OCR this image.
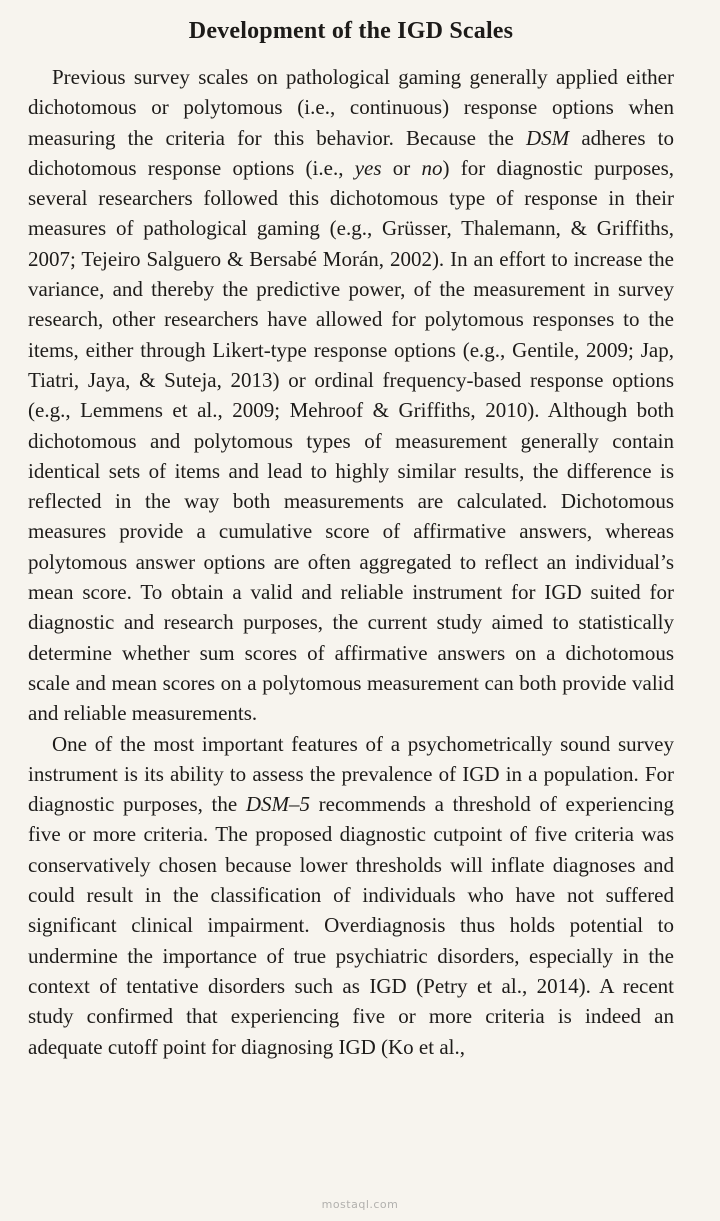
Development of the IGD Scales

Previous survey scales on pathological gaming generally applied either dichotomous or polytomous (i.e., continuous) response options when measuring the criteria for this behavior. Because the DSM adheres to dichotomous response options (i.e., yes or no) for diagnostic purposes, several researchers followed this dichotomous type of response in their measures of pathological gaming (e.g., Grüsser, Thalemann, & Griffiths, 2007; Tejeiro Salguero & Bersabé Morán, 2002). In an effort to increase the variance, and thereby the predictive power, of the measurement in survey research, other researchers have allowed for polytomous responses to the items, either through Likert-type response options (e.g., Gentile, 2009; Jap, Tiatri, Jaya, & Suteja, 2013) or ordinal frequency-based response options (e.g., Lemmens et al., 2009; Mehroof & Griffiths, 2010). Although both dichotomous and polytomous types of measurement generally contain identical sets of items and lead to highly similar results, the difference is reflected in the way both measurements are calculated. Dichotomous measures provide a cumulative score of affirmative answers, whereas polytomous answer options are often aggregated to reflect an individual’s mean score. To obtain a valid and reliable instrument for IGD suited for diagnostic and research purposes, the current study aimed to statistically determine whether sum scores of affirmative answers on a dichotomous scale and mean scores on a polytomous measurement can both provide valid and reliable measurements.

One of the most important features of a psychometrically sound survey instrument is its ability to assess the prevalence of IGD in a population. For diagnostic purposes, the DSM–5 recommends a threshold of experiencing five or more criteria. The proposed diagnostic cutpoint of five criteria was conservatively chosen because lower thresholds will inflate diagnoses and could result in the classification of individuals who have not suffered significant clinical impairment. Overdiagnosis thus holds potential to undermine the importance of true psychiatric disorders, especially in the context of tentative disorders such as IGD (Petry et al., 2014). A recent study confirmed that experiencing five or more criteria is indeed an adequate cutoff point for diagnosing IGD (Ko et al.,

mostaql.com
